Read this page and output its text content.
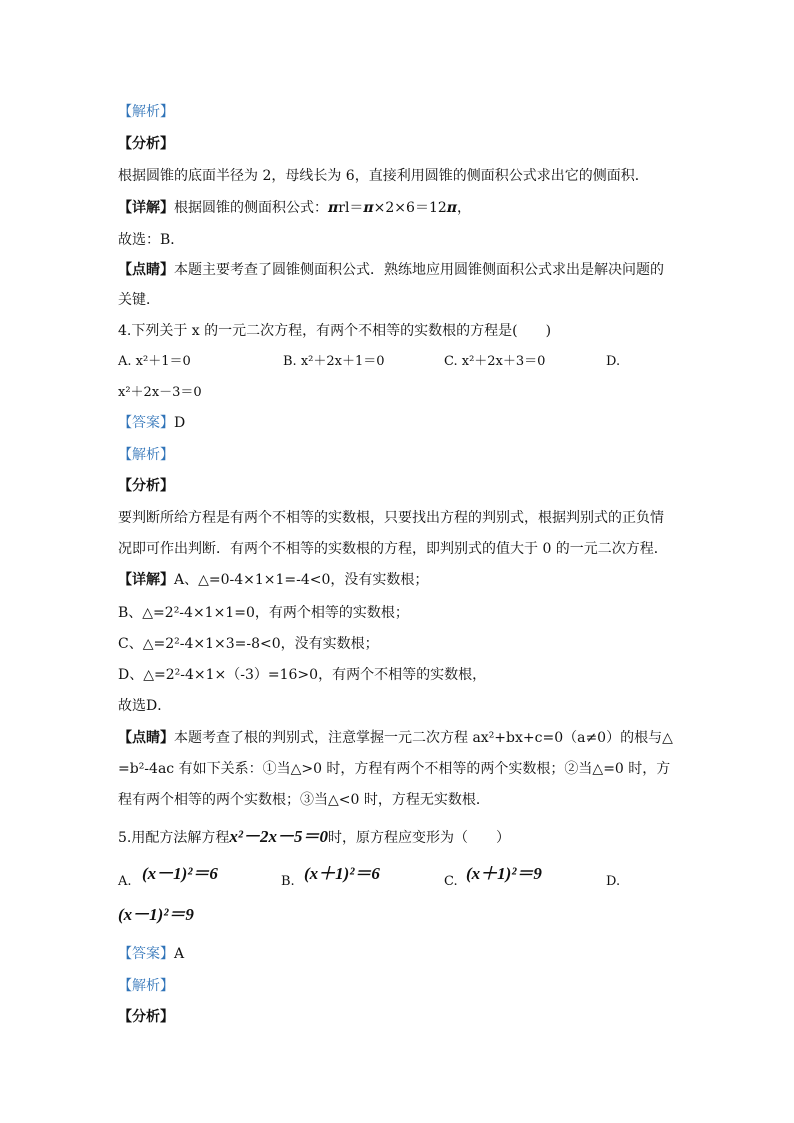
【解析】
【分析】
根据圆锥的底面半径为 2，母线长为 6，直接利用圆锥的侧面积公式求出它的侧面积．
【详解】根据圆锥的侧面积公式：πrl＝π×2×6＝12π，
故选：B．
【点睛】本题主要考查了圆锥侧面积公式．熟练地应用圆锥侧面积公式求出是解决问题的
关键．
4.下列关于 x 的一元二次方程，有两个不相等的实数根的方程是(　　)
A. x²＋1＝0	B. x²＋2x＋1＝0	C. x²＋2x＋3＝0	D.
x²＋2x－3＝0
【答案】D
【解析】
【分析】
要判断所给方程是有两个不相等的实数根，只要找出方程的判别式，根据判别式的正负情
况即可作出判断．有两个不相等的实数根的方程，即判别式的值大于 0 的一元二次方程．
【详解】A、△=0-4×1×1=-4<0，没有实数根；
B、△=2²-4×1×1=0，有两个相等的实数根；
C、△=2²-4×1×3=-8<0，没有实数根；
D、△=2²-4×1×（-3）=16>0，有两个不相等的实数根，
故选D．
【点睛】本题考查了根的判别式，注意掌握一元二次方程 ax²+bx+c=0（a≠0）的根与△
=b²-4ac 有如下关系：①当△>0 时，方程有两个不相等的两个实数根；②当△=0 时，方
程有两个相等的两个实数根；③当△<0 时，方程无实数根．
5.用配方法解方程x²－2x－5＝0时，原方程应变形为（　　）
A. (x－1)²＝6	B. (x＋1)²＝6	C. (x＋1)²＝9	D.
(x－1)²＝9
【答案】A
【解析】
【分析】
